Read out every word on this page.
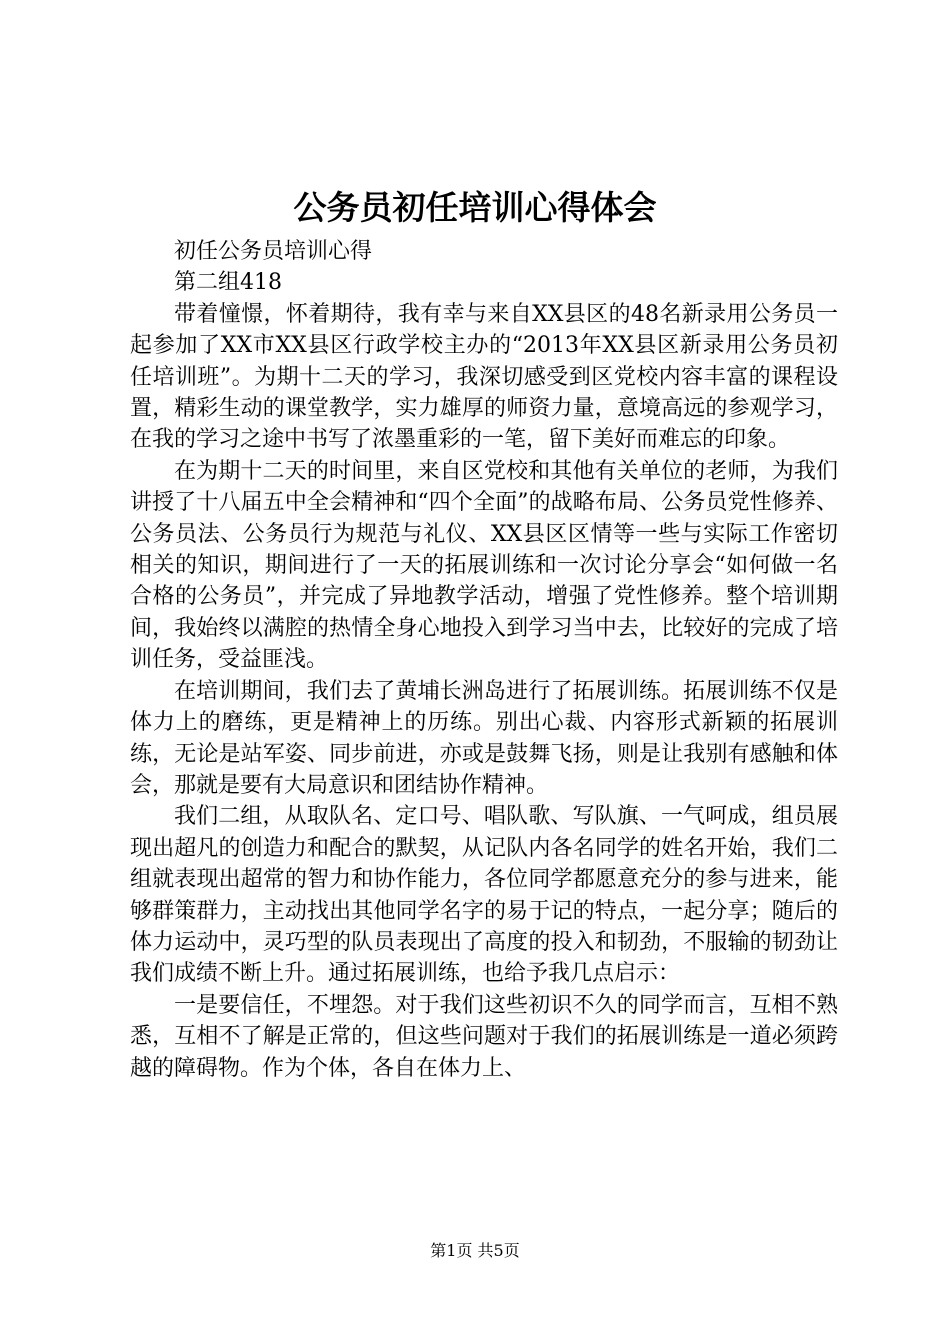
公务员初任培训心得体会

初任公务员培训心得

第二组418

带着憧憬，怀着期待，我有幸与来自XX县区的48名新录用公务员一起参加了XX市XX县区行政学校主办的“2013年XX县区新录用公务员初任培训班”。为期十二天的学习，我深切感受到区党校内容丰富的课程设置，精彩生动的课堂教学，实力雄厚的师资力量，意境高远的参观学习，在我的学习之途中书写了浓墨重彩的一笔，留下美好而难忘的印象。

在为期十二天的时间里，来自区党校和其他有关单位的老师，为我们讲授了十八届五中全会精神和“四个全面”的战略布局、公务员党性修养、公务员法、公务员行为规范与礼仪、XX县区区情等一些与实际工作密切相关的知识，期间进行了一天的拓展训练和一次讨论分享会“如何做一名合格的公务员”，并完成了异地教学活动，增强了党性修养。整个培训期间，我始终以满腔的热情全身心地投入到学习当中去，比较好的完成了培训任务，受益匪浅。

在培训期间，我们去了黄埔长洲岛进行了拓展训练。拓展训练不仅是体力上的磨练，更是精神上的历练。别出心裁、内容形式新颖的拓展训练，无论是站军姿、同步前进，亦或是鼓舞飞扬，则是让我别有感触和体会，那就是要有大局意识和团结协作精神。

我们二组，从取队名、定口号、唱队歌、写队旗、一气呵成，组员展现出超凡的创造力和配合的默契，从记队内各名同学的姓名开始，我们二组就表现出超常的智力和协作能力，各位同学都愿意充分的参与进来，能够群策群力，主动找出其他同学名字的易于记的特点，一起分享；随后的体力运动中，灵巧型的队员表现出了高度的投入和韧劲，不服输的韧劲让我们成绩不断上升。通过拓展训练，也给予我几点启示：

一是要信任，不埋怨。对于我们这些初识不久的同学而言，互相不熟悉，互相不了解是正常的，但这些问题对于我们的拓展训练是一道必须跨越的障碍物。作为个体，各自在体力上、

第1页 共5页
